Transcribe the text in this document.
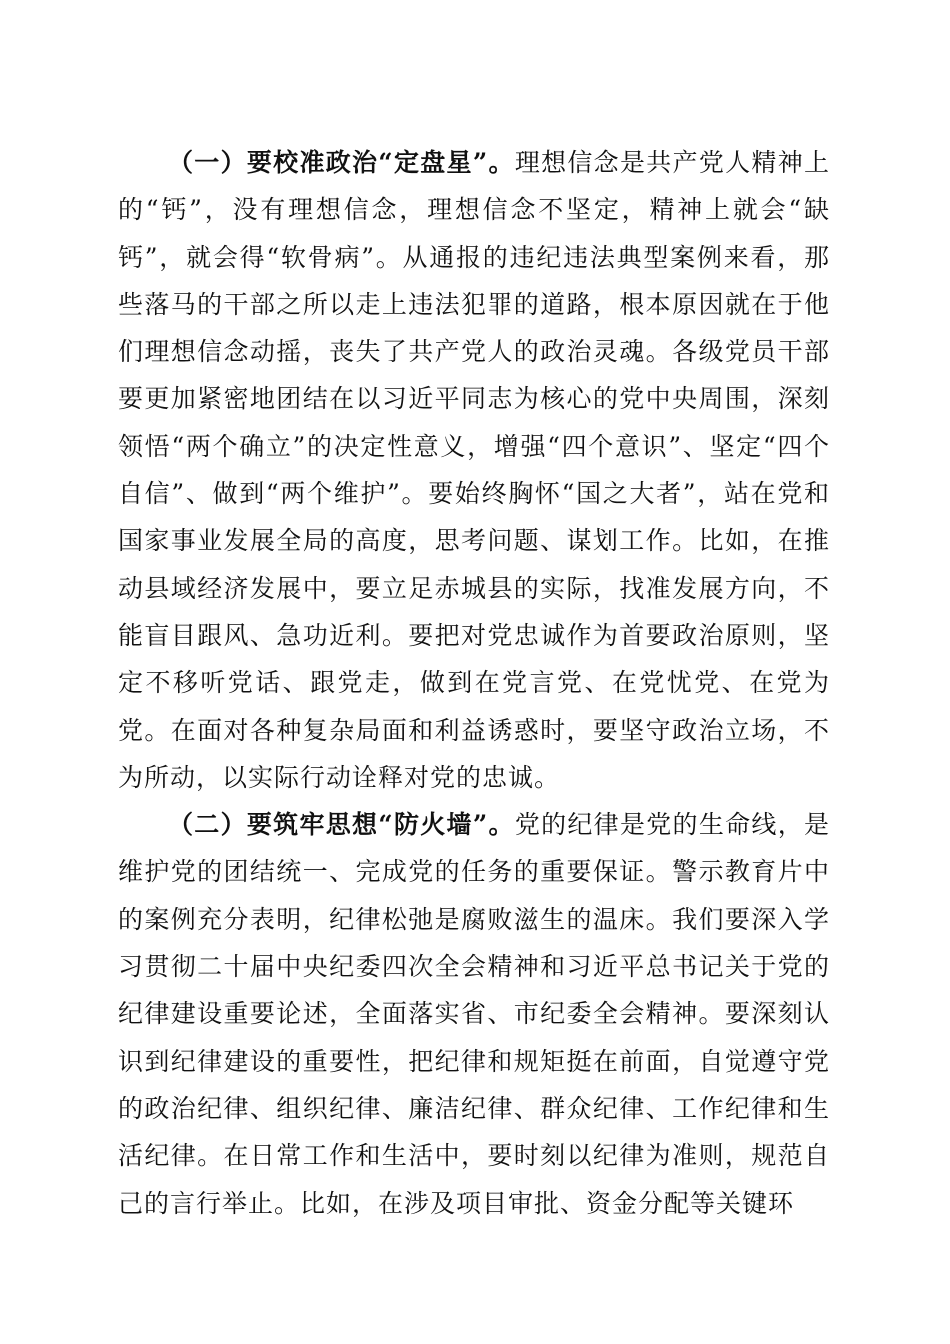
（一）要校准政治“定盘星”。理想信念是共产党人精神上的“钙”，没有理想信念，理想信念不坚定，精神上就会“缺钙”，就会得“软骨病”。从通报的违纪违法典型案例来看，那些落马的干部之所以走上违法犯罪的道路，根本原因就在于他们理想信念动摇，丧失了共产党人的政治灵魂。各级党员干部要更加紧密地团结在以习近平同志为核心的党中央周围，深刻领悟“两个确立”的决定性意义，增强“四个意识”、坚定“四个自信”、做到“两个维护”。要始终胸怀“国之大者”，站在党和国家事业发展全局的高度，思考问题、谋划工作。比如，在推动县域经济发展中，要立足赤城县的实际，找准发展方向，不能盲目跟风、急功近利。要把对党忠诚作为首要政治原则，坚定不移听党话、跟党走，做到在党言党、在党忧党、在党为党。在面对各种复杂局面和利益诱惑时，要坚守政治立场，不为所动，以实际行动诠释对党的忠诚。

（二）要筑牢思想“防火墙”。党的纪律是党的生命线，是维护党的团结统一、完成党的任务的重要保证。警示教育片中的案例充分表明，纪律松弛是腐败滋生的温床。我们要深入学习贯彻二十届中央纪委四次全会精神和习近平总书记关于党的纪律建设重要论述，全面落实省、市纪委全会精神。要深刻认识到纪律建设的重要性，把纪律和规矩挺在前面，自觉遵守党的政治纪律、组织纪律、廉洁纪律、群众纪律、工作纪律和生活纪律。在日常工作和生活中，要时刻以纪律为准则，规范自己的言行举止。比如，在涉及项目审批、资金分配等关键环
